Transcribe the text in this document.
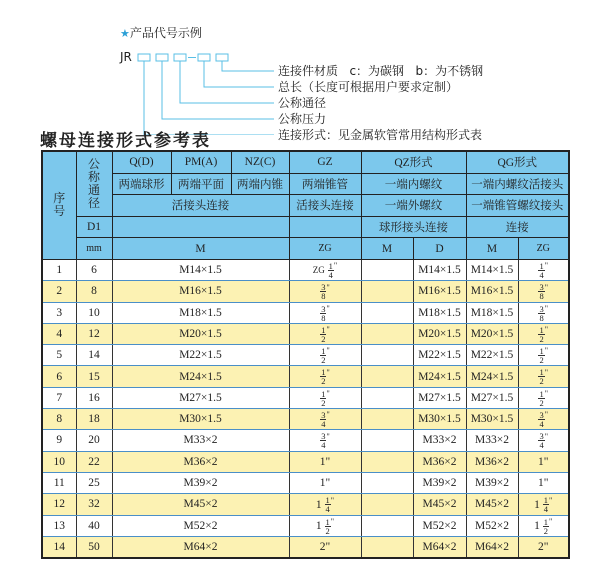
★产品代号示例
JR
连接件材质   c：为碳钢   b：为不锈钢
总长（长度可根据用户要求定制）
公称通径
公称压力
连接形式：见金属软管常用结构形式表
螺母连接形式参考表
序号	公称通径	Q(D)	PM(A)	NZ(C)	GZ	QZ形式		QG形式	
		两端球形	两端平面	两端内锥	两端锥管	一端内螺纹		一端内螺纹活接头	
		活接头连接			活接头连接	一端外螺纹		一端锥管螺纹接头	
	D1					球形接头连接		连接	
	mm	M			ZG	M	D	M	ZG
1	6	M14×1.5			ZG $\frac{1}{4} ^"$		M14×1.5	M14×1.5	$\frac{1}{4} ^"$
2	8	M16×1.5			$\frac{3}{8} ^"$		M16×1.5	M16×1.5	$\frac{3}{8} ^"$
3	10	M18×1.5			$\frac{3}{8} ^"$		M18×1.5	M18×1.5	$\frac{3}{8} ^"$
4	12	M20×1.5			$\frac{1}{2} ^"$		M20×1.5	M20×1.5	$\frac{1}{2} ^"$
5	14	M22×1.5			$\frac{1}{2} ^"$		M22×1.5	M22×1.5	$\frac{1}{2} ^"$
6	15	M24×1.5			$\frac{1}{2} ^"$		M24×1.5	M24×1.5	$\frac{1}{2} ^"$
7	16	M27×1.5			$\frac{1}{2} ^"$		M27×1.5	M27×1.5	$\frac{1}{2} ^"$
8	18	M30×1.5			$\frac{3}{4} ^"$		M30×1.5	M30×1.5	$\frac{3}{4} ^"$
9	20	M33×2			$\frac{3}{4} ^"$		M33×2	M33×2	$\frac{3}{4} ^"$
10	22	M36×2			1"		M36×2	M36×2	1"
11	25	M39×2			1"		M39×2	M39×2	1"
12	32	M45×2			$1 \frac{1}{4} ^"$		M45×2	M45×2	$1 \frac{1}{4} ^"$
13	40	M52×2			$1 \frac{1}{2} ^"$		M52×2	M52×2	$1 \frac{1}{2} ^"$
14	50	M64×2			2"		M64×2	M64×2	2"
